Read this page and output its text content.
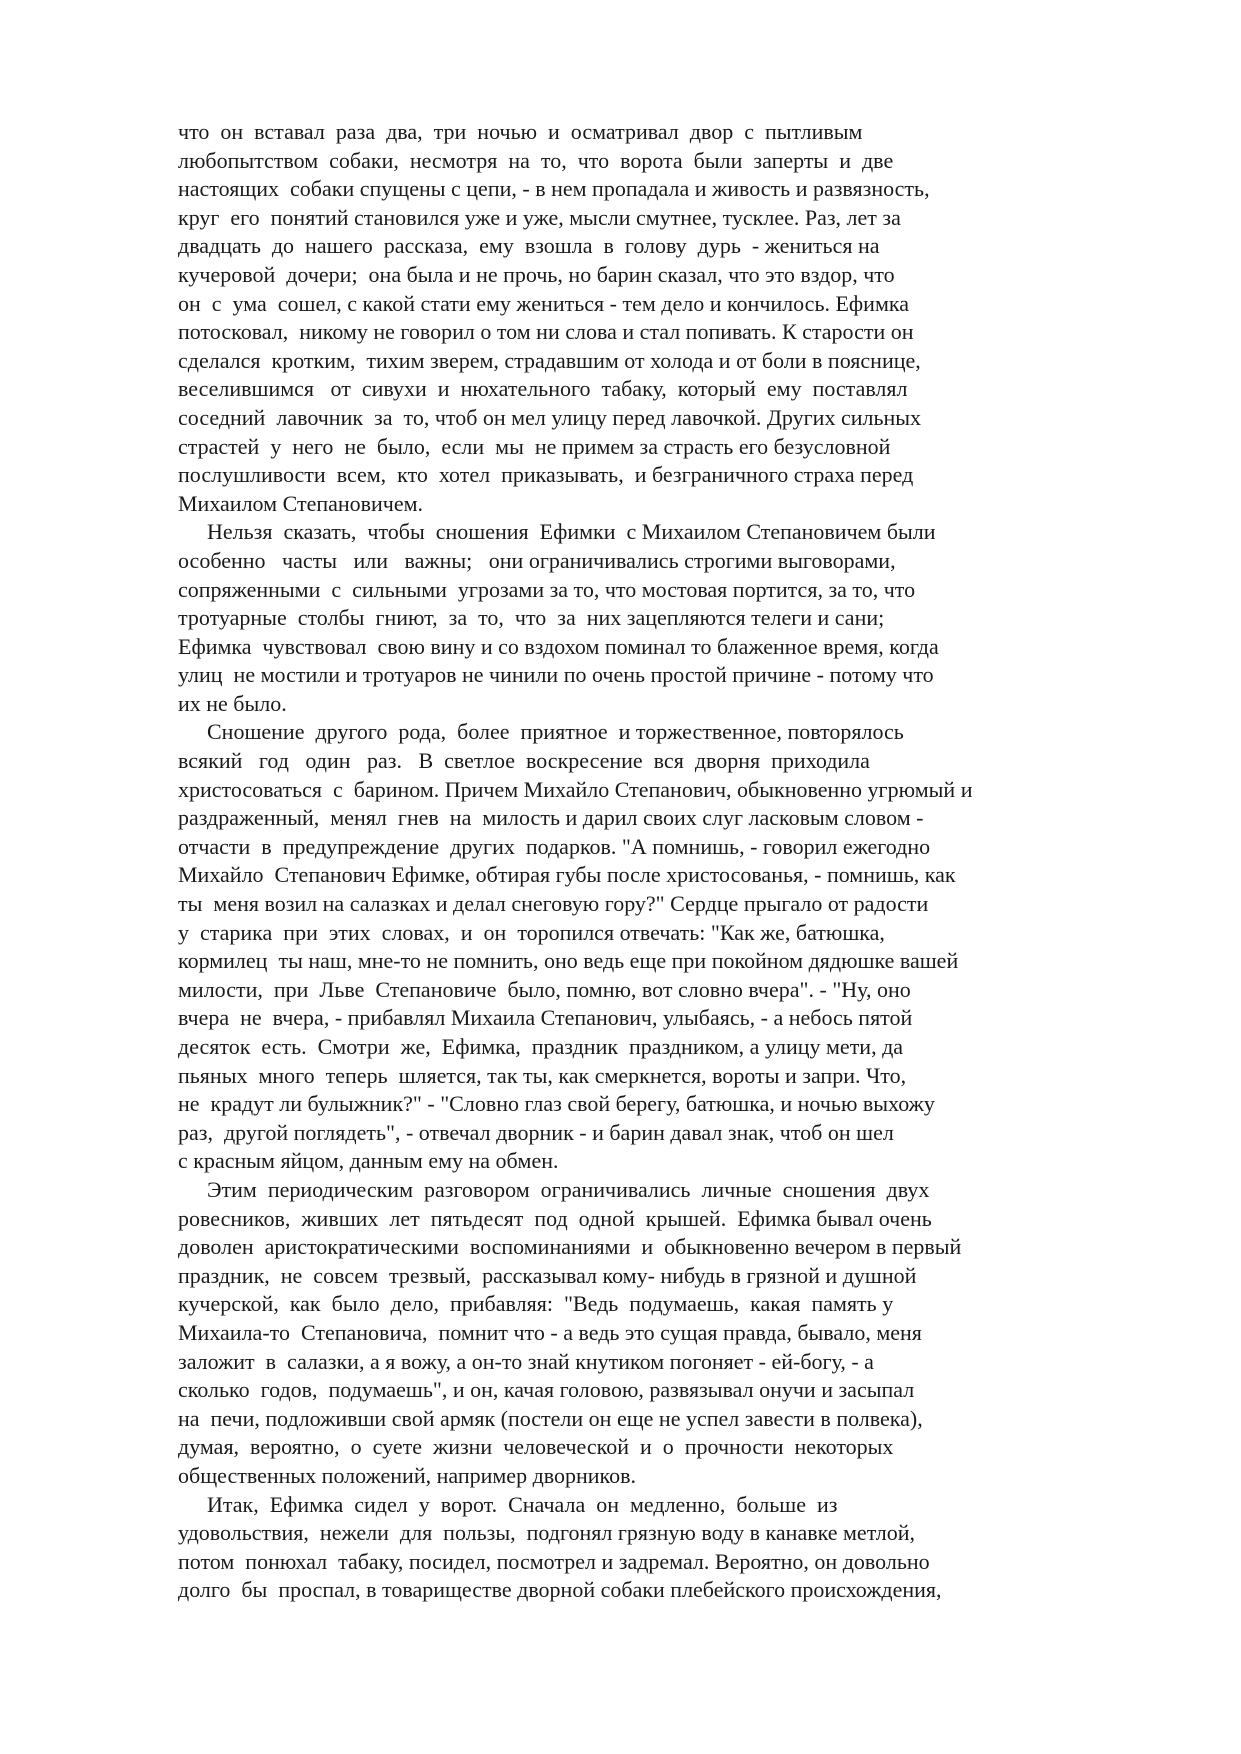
что  он  вставал  раза  два,  три  ночью  и  осматривал  двор  с  пытливым
любопытством  собаки,  несмотря  на  то,  что  ворота  были  заперты  и  две
настоящих  собаки спущены с цепи, - в нем пропадала и живость и развязность,
круг  его  понятий становился уже и уже, мысли смутнее, тусклее. Раз, лет за
двадцать  до  нашего  рассказа,  ему  взошла  в  голову  дурь  - жениться на
кучеровой  дочери;  она была и не прочь, но барин сказал, что это вздор, что
он  с  ума  сошел, с какой стати ему жениться - тем дело и кончилось. Ефимка
потосковал,  никому не говорил о том ни слова и стал попивать. К старости он
сделался  кротким,  тихим зверем, страдавшим от холода и от боли в пояснице,
веселившимся   от  сивухи  и  нюхательного  табаку,  который  ему  поставлял
соседний  лавочник  за  то, чтоб он мел улицу перед лавочкой. Других сильных
страстей  у  него  не  было,  если  мы  не примем за страсть его безусловной
послушливости  всем,  кто  хотел  приказывать,  и безграничного страха перед
Михаилом Степановичем.
Нельзя  сказать,  чтобы  сношения  Ефимки  с Михаилом Степановичем были
особенно   часты   или   важны;   они ограничивались строгими выговорами,
сопряженными  с  сильными  угрозами за то, что мостовая портится, за то, что
тротуарные  столбы  гниют,  за  то,  что  за  них зацепляются телеги и сани;
Ефимка  чувствовал  свою вину и со вздохом поминал то блаженное время, когда
улиц  не мостили и тротуаров не чинили по очень простой причине - потому что
их не было.
Сношение  другого  рода,  более  приятное  и торжественное, повторялось
всякий   год   один   раз.   В  светлое  воскресение  вся  дворня  приходила
христосоваться  с  барином. Причем Михайло Степанович, обыкновенно угрюмый и
раздраженный,  менял  гнев  на  милость и дарил своих слуг ласковым словом -
отчасти  в  предупреждение  других  подарков. "А помнишь, - говорил ежегодно
Михайло  Степанович Ефимке, обтирая губы после христосованья, - помнишь, как
ты  меня возил на салазках и делал снеговую гору?" Сердце прыгало от радости
у  старика  при  этих  словах,  и  он  торопился отвечать: "Как же, батюшка,
кормилец  ты наш, мне-то не помнить, оно ведь еще при покойном дядюшке вашей
милости,  при  Льве  Степановиче  было, помню, вот словно вчера". - "Ну, оно
вчера  не  вчера, - прибавлял Михаила Степанович, улыбаясь, - а небось пятой
десяток  есть.  Смотри  же,  Ефимка,  праздник  праздником, а улицу мети, да
пьяных  много  теперь  шляется, так ты, как смеркнется, вороты и запри. Что,
не  крадут ли булыжник?" - "Словно глаз свой берегу, батюшка, и ночью выхожу
раз,  другой поглядеть", - отвечал дворник - и барин давал знак, чтоб он шел
с красным яйцом, данным ему на обмен.
Этим  периодическим  разговором  ограничивались  личные  сношения  двух
ровесников,  живших  лет  пятьдесят  под  одной  крышей.  Ефимка бывал очень
доволен  аристократическими  воспоминаниями  и  обыкновенно вечером в первый
праздник,  не  совсем  трезвый,  рассказывал кому- нибудь в грязной и душной
кучерской,  как  было  дело,  прибавляя:  "Ведь  подумаешь,  какая  память у
Михаила-то  Степановича,  помнит что - а ведь это сущая правда, бывало, меня
заложит  в  салазки, а я вожу, а он-то знай кнутиком погоняет - ей-богу, - а
сколько  годов,  подумаешь", и он, качая головою, развязывал онучи и засыпал
на  печи, подложивши свой армяк (постели он еще не успел завести в полвека),
думая,  вероятно,  о  суете  жизни  человеческой  и  о  прочности  некоторых
общественных положений, например дворников.
Итак,  Ефимка  сидел  у  ворот.  Сначала  он  медленно,  больше  из
удовольствия,  нежели  для  пользы,  подгонял грязную воду в канавке метлой,
потом  понюхал  табаку, посидел, посмотрел и задремал. Вероятно, он довольно
долго  бы  проспал, в товариществе дворной собаки плебейского происхождения,
